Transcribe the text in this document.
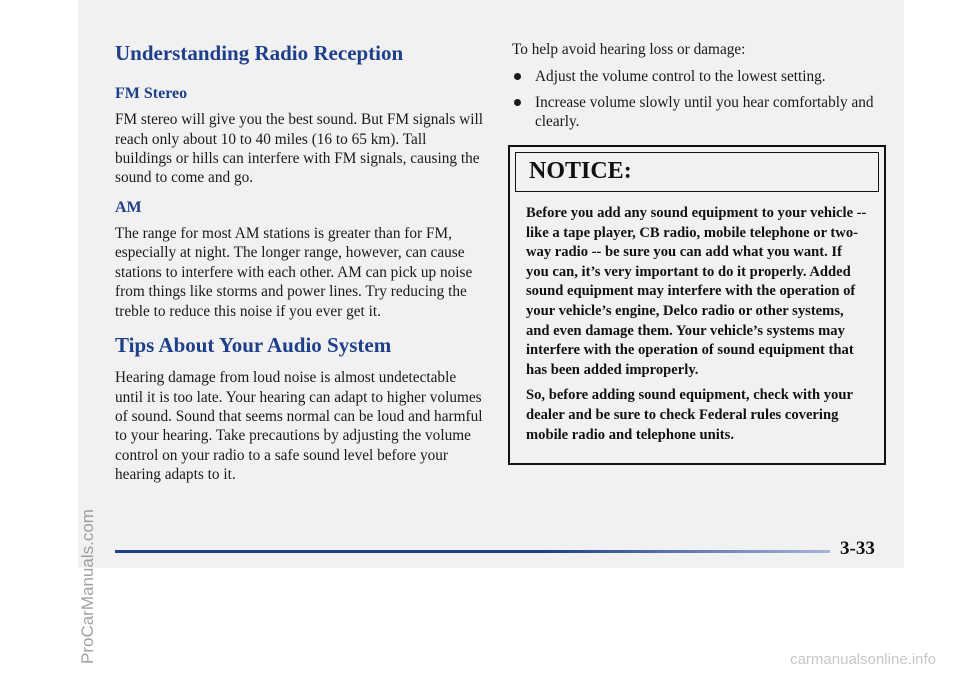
Understanding Radio Reception
FM Stereo

FM stereo will give you the best sound. But FM signals will reach only about 10 to 40 miles (16 to 65 km). Tall buildings or hills can interfere with FM signals, causing the sound to come and go.

AM

The range for most AM stations is greater than for FM, especially at night. The longer range, however, can cause stations to interfere with each other. AM can pick up noise from things like storms and power lines. Try reducing the treble to reduce this noise if you ever get it.

Tips About Your Audio System

Hearing damage from loud noise is almost undetectable until it is too late. Your hearing can adapt to higher volumes of sound. Sound that seems normal can be loud and harmful to your hearing. Take precautions by adjusting the volume control on your radio to a safe sound level before your hearing adapts to it.

To help avoid hearing loss or damage:

Adjust the volume control to the lowest setting.
Increase volume slowly until you hear comfortably and clearly.
NOTICE:

Before you add any sound equipment to your vehicle -- like a tape player, CB radio, mobile telephone or two-way radio -- be sure you can add what you want. If you can, it’s very important to do it properly. Added sound equipment may interfere with the operation of your vehicle’s engine, Delco radio or other systems, and even damage them. Your vehicle’s systems may interfere with the operation of sound equipment that has been added improperly.

So, before adding sound equipment, check with your dealer and be sure to check Federal rules covering mobile radio and telephone units.

3-33
ProCarManuals.com	carmanualsonline.info
